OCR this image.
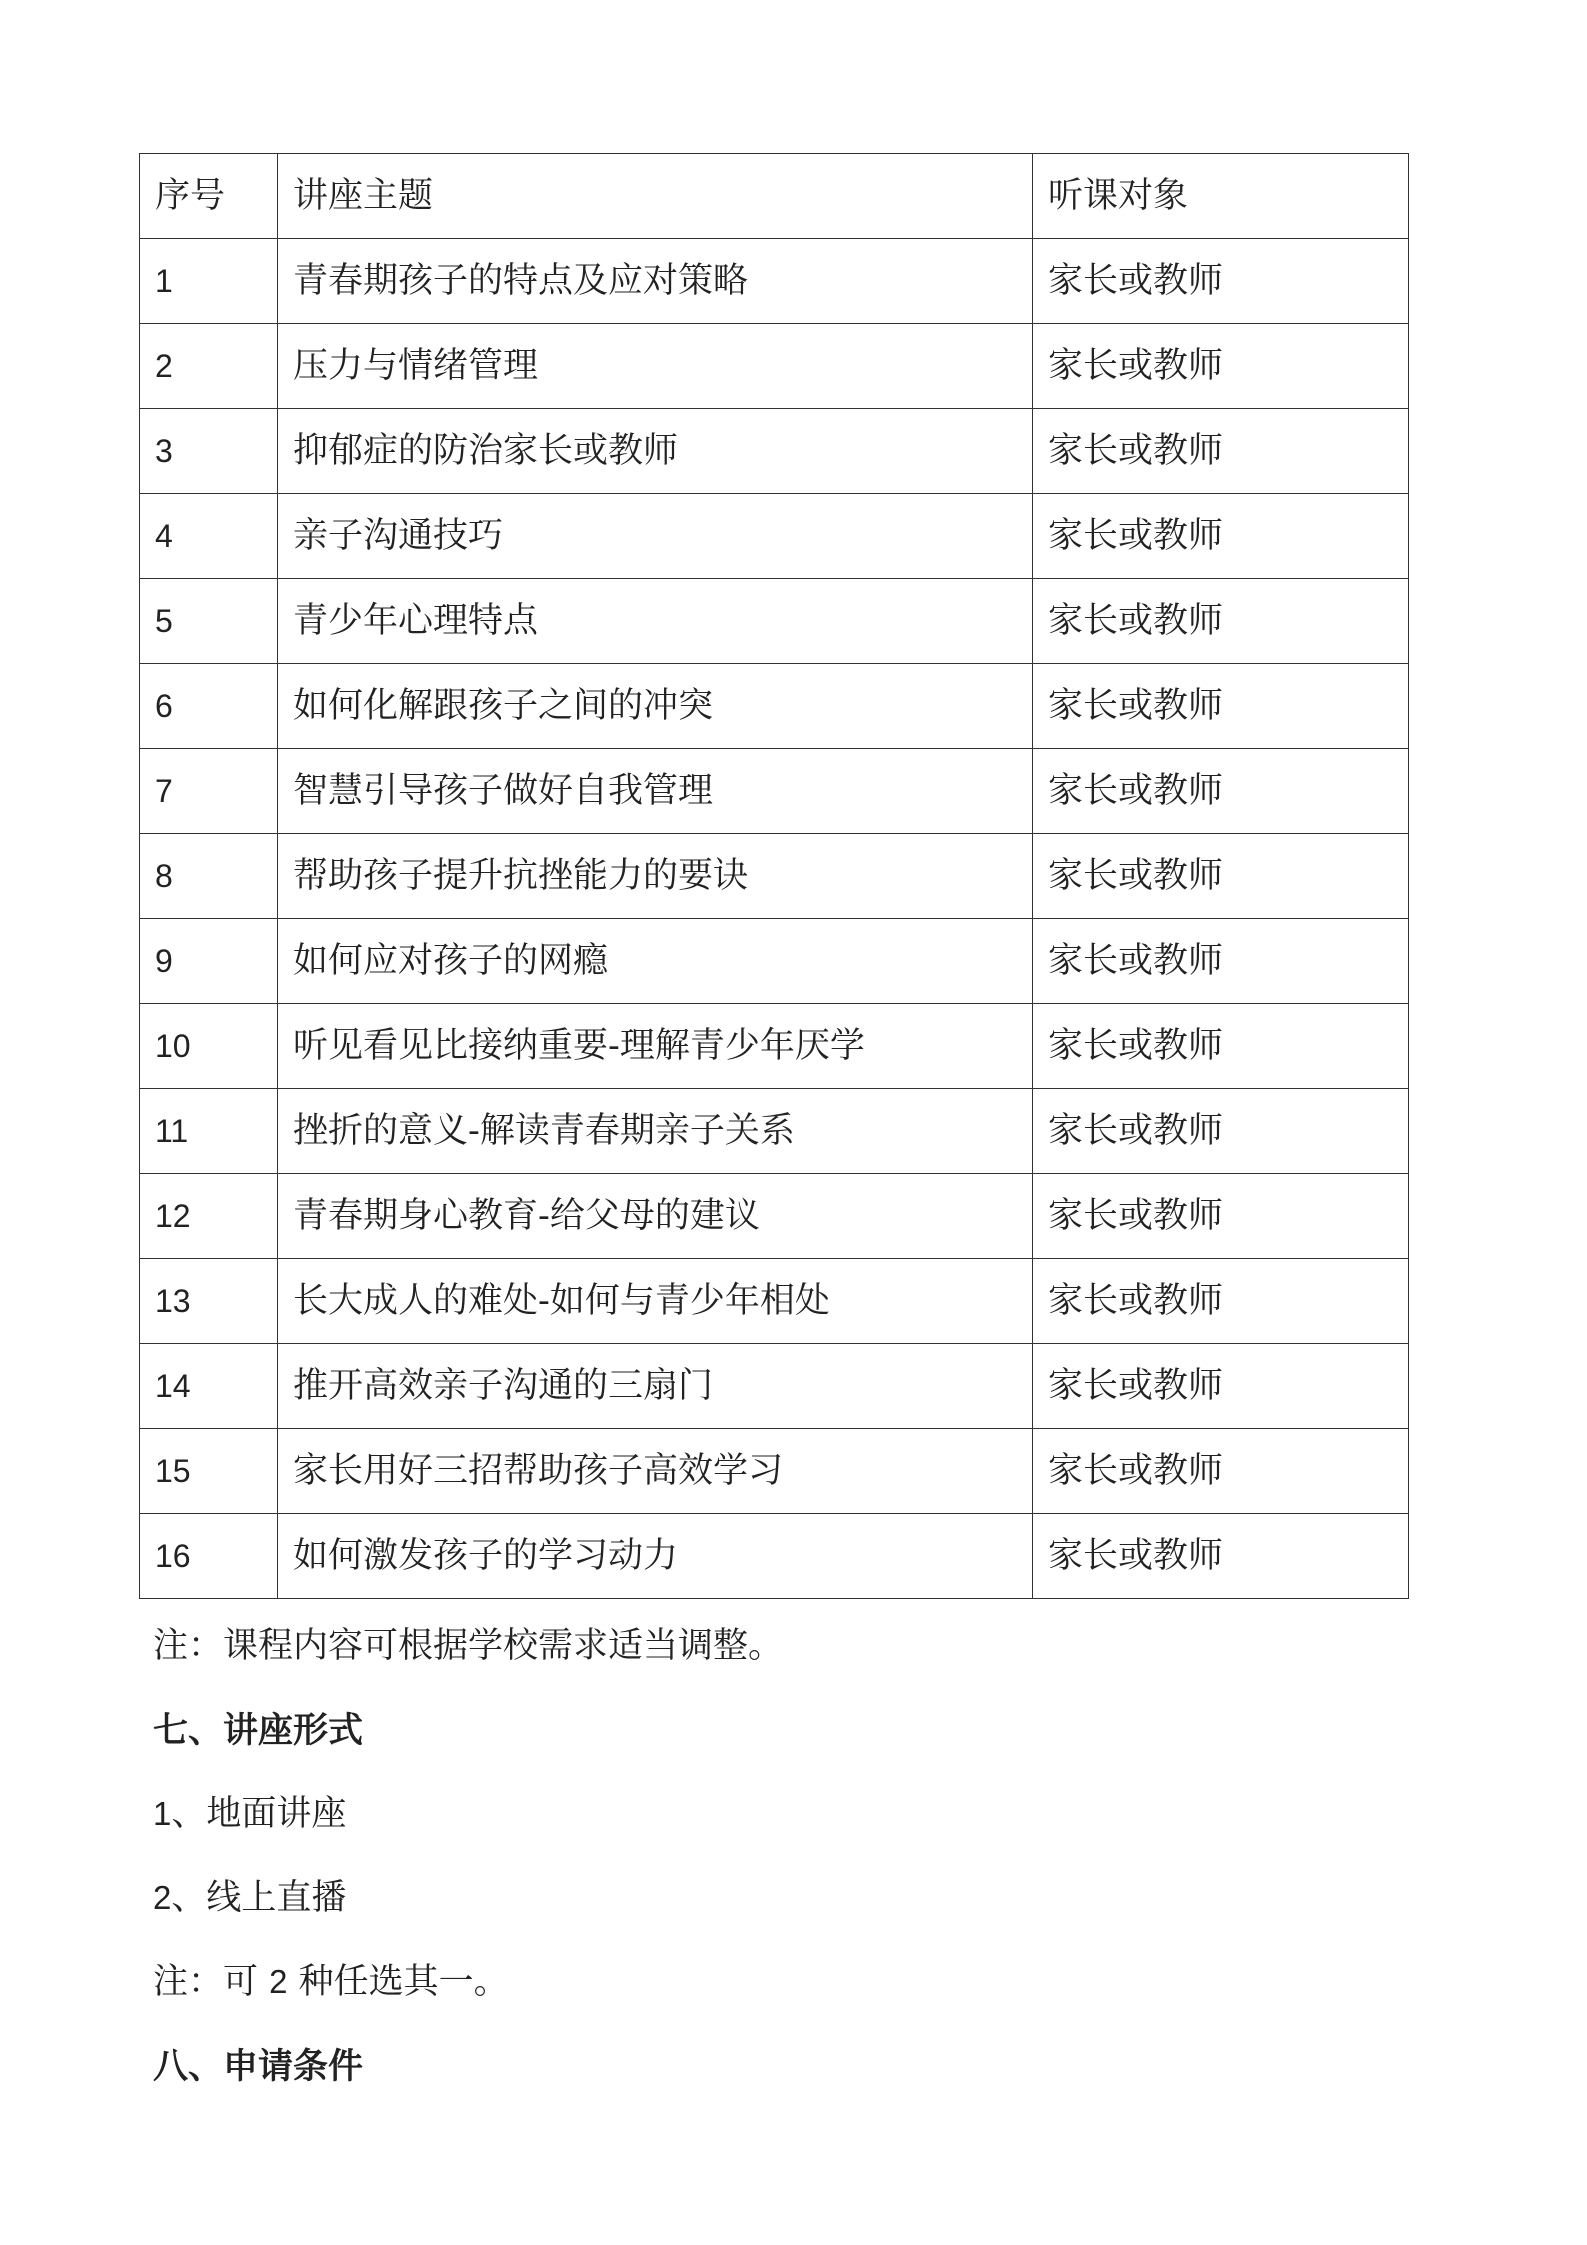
序号	讲座主题	听课对象
1	青春期孩子的特点及应对策略	家长或教师
2	压力与情绪管理	家长或教师
3	抑郁症的防治家长或教师	家长或教师
4	亲子沟通技巧	家长或教师
5	青少年心理特点	家长或教师
6	如何化解跟孩子之间的冲突	家长或教师
7	智慧引导孩子做好自我管理	家长或教师
8	帮助孩子提升抗挫能力的要诀	家长或教师
9	如何应对孩子的网瘾	家长或教师
10	听见看见比接纳重要-理解青少年厌学	家长或教师
11	挫折的意义-解读青春期亲子关系	家长或教师
12	青春期身心教育-给父母的建议	家长或教师
13	长大成人的难处-如何与青少年相处	家长或教师
14	推开高效亲子沟通的三扇门	家长或教师
15	家长用好三招帮助孩子高效学习	家长或教师
16	如何激发孩子的学习动力	家长或教师
注：课程内容可根据学校需求适当调整。
七、讲座形式
1、地面讲座
2、线上直播
注：可 2 种任选其一。
八、申请条件
